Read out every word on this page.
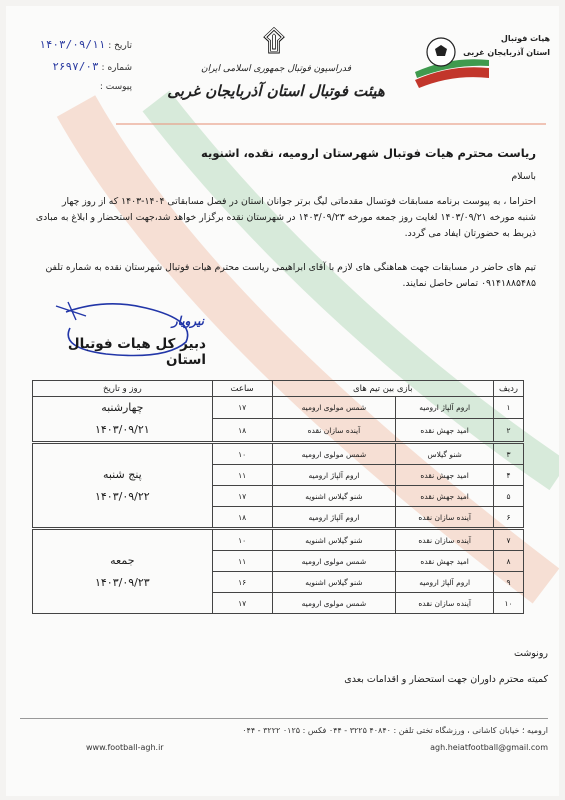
تاریخ : ۱۴۰۳/۰۹/۱۱
شماره : ۲۶۹۷/۰۳
پیوست :
۩
فدراسیون فوتبال جمهوری اسلامی ایران
هیئت فوتبال استان آذربایجان غربی
هیات فوتبال
استان آذربایجان غربی
ریاست محترم هیات فوتبال شهرستان ارومیه، نقده، اشنویه
باسلام
احتراما ، به پیوست برنامه مسابقات فوتسال مقدماتی لیگ برتر جوانان استان در فصل مسابقاتی ۱۴۰۴-۱۴۰۳ که از روز چهار
شنبه مورخه ۱۴۰۳/۰۹/۲۱ لغایت روز جمعه مورخه ۱۴۰۳/۰۹/۲۳ در شهرستان نقده برگزار خواهد شد،جهت استحضار و ابلاغ به مبادی
ذیربط به حضورتان ایفاد می گردد.
تیم های حاضر در مسابقات جهت هماهنگی های لازم با آقای ابراهیمی ریاست محترم هیات فوتبال شهرستان نقده به شماره تلفن
۰۹۱۴۱۸۸۵۴۸۵ تماس حاصل نمایند.
نیرویار
دبیر کل هیات فوتبال استان
ردیف	بازی بین تیم های		ساعت	روز و تاریخ
۱	اروم آلپاژ ارومیه	شمس مولوی ارومیه	۱۷	چهارشنبه
۱۴۰۳/۰۹/۲۱

۲	امید جهش نقده	آینده سازان نقده	۱۸	
۳	شنو گیلاس	شمس مولوی ارومیه	۱۰	پنج شنبه
۱۴۰۳/۰۹/۲۲

۴	امید جهش نقده	اروم آلپاژ ارومیه	۱۱	
۵	امید جهش نقده	شنو گیلاس اشنویه	۱۷	
۶	آینده سازان نقده	اروم آلپاژ ارومیه	۱۸	
۷	آینده سازان نقده	شنو گیلاس اشنویه	۱۰	جمعه
۱۴۰۳/۰۹/۲۳

۸	امید جهش نقده	شمس مولوی ارومیه	۱۱	
۹	اروم آلپاژ ارومیه	شنو گیلاس اشنویه	۱۶	
۱۰	آینده سازان نقده	شمس مولوی ارومیه	۱۷	
رونوشت
کمیته محترم داوران جهت استحضار و اقدامات بعدی
ارومیه ؛ خیابان کاشانی ، ورزشگاه تختی تلفن : ۴۰۸۴۰ ۳۲۲۵ - ۰۴۴ فکس : ۰۱۲۵ ۳۲۲۲ - ۰۴۴
www.football-agh.ir	agh.heiatfootball@gmail.com
